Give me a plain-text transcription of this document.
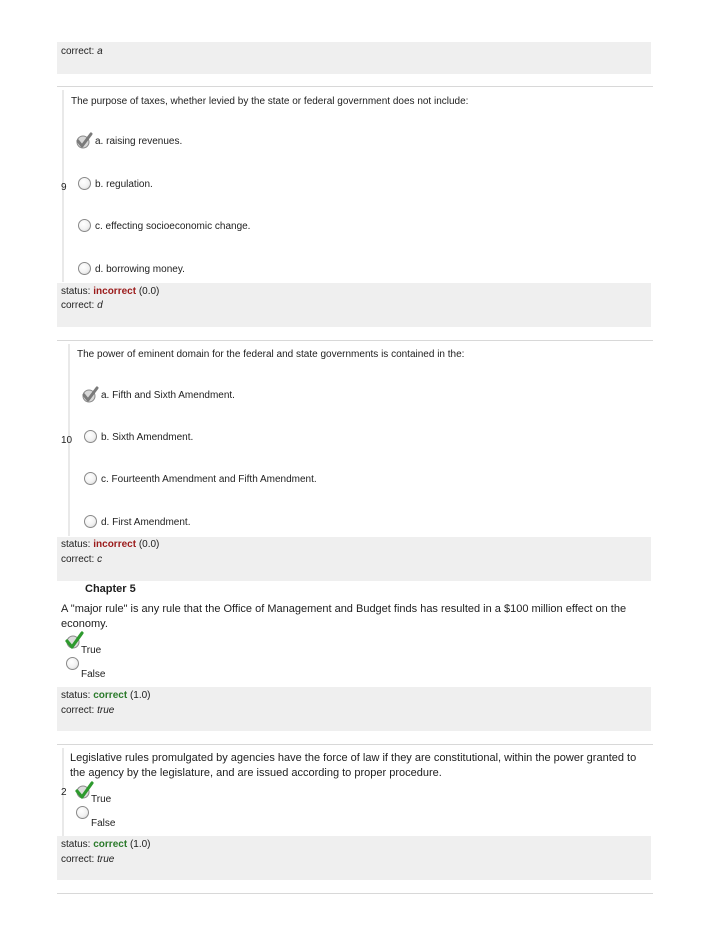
correct: a
The purpose of taxes, whether levied by the state or federal government does not include:
a. raising revenues.
b. regulation.
9
c. effecting socioeconomic change.
d. borrowing money.
status: incorrect (0.0)
correct: d
The power of eminent domain for the federal and state governments is contained in the:
a. Fifth and Sixth Amendment.
b. Sixth Amendment.
10
c. Fourteenth Amendment and Fifth Amendment.
d. First Amendment.
status: incorrect (0.0)
correct: c
Chapter 5
A "major rule" is any rule that the Office of Management and Budget finds has resulted in a $100 million effect on the economy.
True
False
status: correct (1.0)
correct: true
Legislative rules promulgated by agencies have the force of law if they are constitutional, within the power granted to the agency by the legislature, and are issued according to proper procedure.
2
True
False
status: correct (1.0)
correct: true
